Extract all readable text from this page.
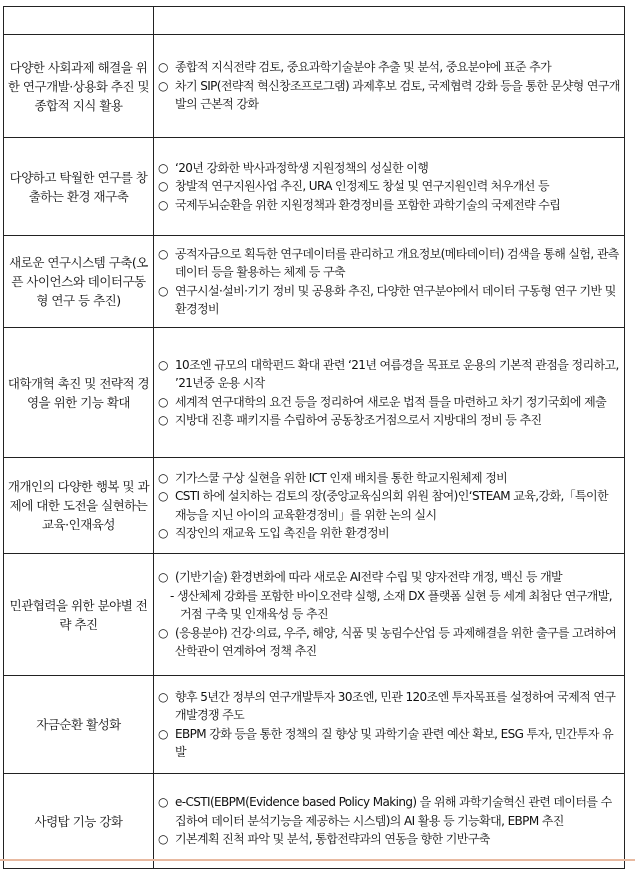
다양한 사회과제 해결을 위한 연구개발·상용화 추진 및 종합적 지식 활용	○ 종합적 지식전략 검토, 중요과학기술분야 추출 및 분석, 중요분야에 표준 추가
○ 차기 SIP(전략적 혁신창조프로그램) 과제후보 검토, 국제협력 강화 등을 통한 문샷형 연구개발의 근본적 강화

다양하고 탁월한 연구를 창출하는 환경 재구축	○ ‘20년 강화한 박사과정학생 지원정책의 성실한 이행
○ 창발적 연구지원사업 추진, URA 인정제도 창설 및 연구지원인력 처우개선 등
○ 국제두뇌순환을 위한 지원정책과 환경정비를 포함한 과학기술의 국제전략 수립

새로운 연구시스템 구축(오픈 사이언스와 데이터구동형 연구 등 추진)	○ 공적자금으로 획득한 연구데이터를 관리하고 개요정보(메타데이터) 검색을 통해 실험, 관측데이터 등을 활용하는 체제 등 구축
○ 연구시설·설비·기기 정비 및 공용화 추진, 다양한 연구분야에서 데이터 구동형 연구 기반 및 환경정비

대학개혁 촉진 및 전략적 경영을 위한 기능 확대	○ 10조엔 규모의 대학펀드 확대 관련 ‘21년 여름경을 목표로 운용의 기본적 관점을 정리하고, ’21년중 운용 시작
○ 세계적 연구대학의 요건 등을 정리하여 새로운 법적 틀을 마련하고 차기 정기국회에 제출
○ 지방대 진흥 패키지를 수립하여 공동창조거점으로서 지방대의 정비 등 추진

개개인의 다양한 행복 및 과제에 대한 도전을 실현하는 교육·인재육성	○ 기가스쿨 구상 실현을 위한 ICT 인재 배치를 통한 학교지원체제 정비
○ CSTI 하에 설치하는 검토의 장(중앙교육심의회 위원 참여)인‘STEAM 교육,강화,「특이한 재능을 지닌 아이의 교육환경정비」를 위한 논의 실시
○ 직장인의 재교육 도입 촉진을 위한 환경정비

민관협력을 위한 분야별 전략 추진	○ (기반기술) 환경변화에 따라 새로운 AI전략 수립 및 양자전략 개정, 백신 등 개발
- 생산체제 강화를 포함한 바이오전략 실행, 소재 DX 플랫폼 실현 등 세계 최첨단 연구개발, 거점 구축 및 인재육성 등 추진
○ (응용분야) 건강·의료, 우주, 해양, 식품 및 농림수산업 등 과제해결을 위한 출구를 고려하여 산학관이 연계하여 정책 추진

자금순환 활성화	○ 향후 5년간 정부의 연구개발투자 30조엔, 민관 120조엔 투자목표를 설정하여 국제적 연구개발경쟁 주도
○ EBPM 강화 등을 통한 정책의 질 향상 및 과학기술 관련 예산 확보, ESG 투자, 민간투자 유발

사령탑 기능 강화	○ e-CSTI(EBPM(Evidence based Policy Making) 을 위해 과학기술혁신 관련 데이터를 수집하여 데이터 분석기능을 제공하는 시스템)의 AI 활용 등 기능확대, EBPM 추진
○ 기본계획 진척 파악 및 분석, 통합전략과의 연동을 향한 기반구축
